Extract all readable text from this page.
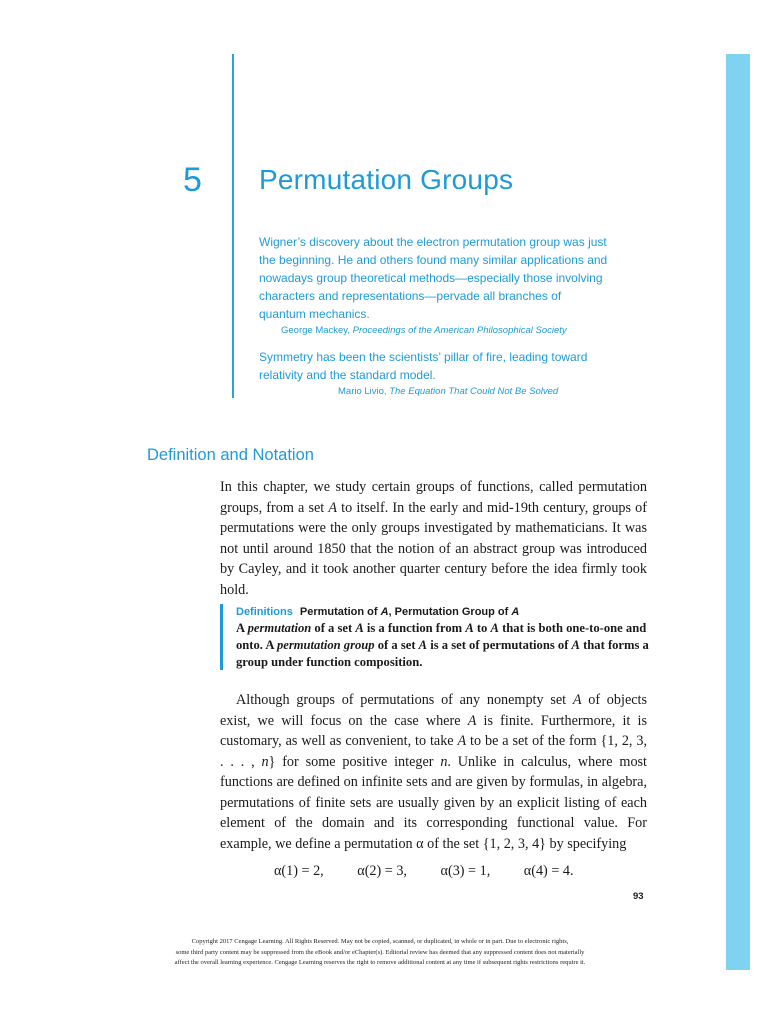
5 Permutation Groups
Wigner’s discovery about the electron permutation group was just the beginning. He and others found many similar applications and nowadays group theoretical methods—especially those involving characters and representations—pervade all branches of quantum mechanics.
George Mackey, Proceedings of the American Philosophical Society
Symmetry has been the scientists’ pillar of fire, leading toward relativity and the standard model.
Mario Livio, The Equation That Could Not Be Solved
Definition and Notation

In this chapter, we study certain groups of functions, called permutation groups, from a set A to itself. In the early and mid-19th century, groups of permutations were the only groups investigated by mathematicians. It was not until around 1850 that the notion of an abstract group was introduced by Cayley, and it took another quarter century before the idea firmly took hold.

Definitions Permutation of A, Permutation Group of A
A permutation of a set A is a function from A to A that is both one-to-one and onto. A permutation group of a set A is a set of permutations of A that forms a group under function composition.

Although groups of permutations of any nonempty set A of objects exist, we will focus on the case where A is finite. Furthermore, it is customary, as well as convenient, to take A to be a set of the form {1, 2, 3, . . . , n} for some positive integer n. Unlike in calculus, where most functions are defined on infinite sets and are given by formulas, in algebra, permutations of finite sets are usually given by an explicit listing of each element of the domain and its corresponding functional value. For example, we define a permutation α of the set {1, 2, 3, 4} by specifying

α(1) = 2, α(2) = 3, α(3) = 1, α(4) = 4.
93
Copyright 2017 Cengage Learning. All Rights Reserved. May not be copied, scanned, or duplicated, in whole or in part. Due to electronic rights,
some third party content may be suppressed from the eBook and/or eChapter(s). Editorial review has deemed that any suppressed content does not materially
affect the overall learning experience. Cengage Learning reserves the right to remove additional content at any time if subsequent rights restrictions require it.
